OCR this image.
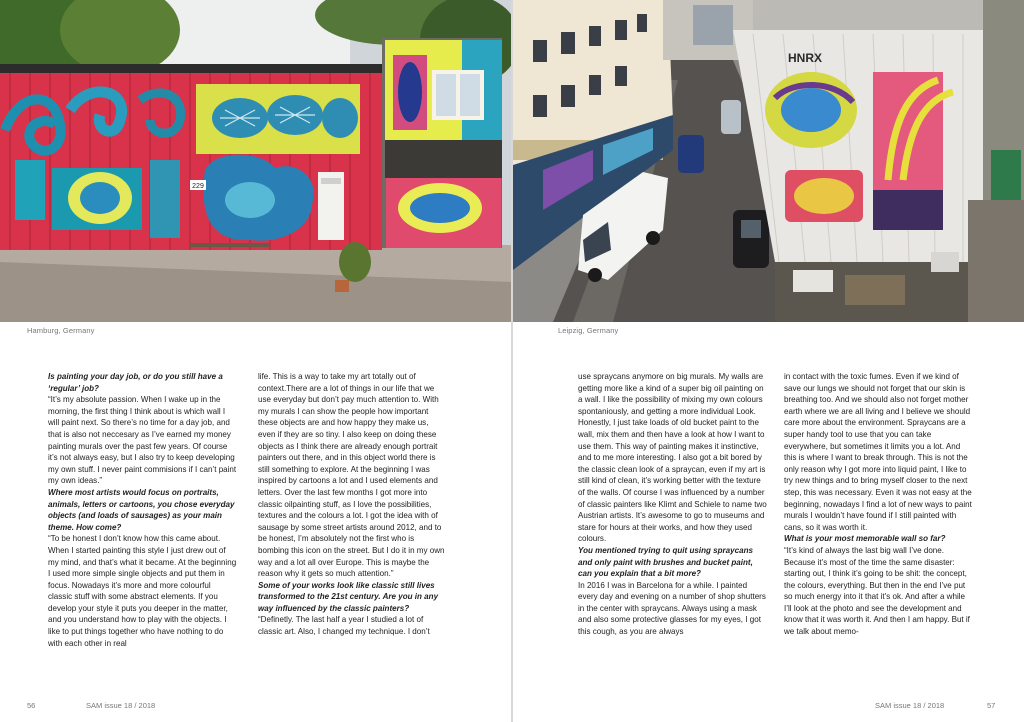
229
Hamburg, Germany

Is painting your day job, or do you still have a ‘regular’ job?

“It’s my absolute passion. When I wake up in the morning, the first thing I think about is which wall I will paint next. So there’s no time for a day job, and that is also not neccesary as I’ve earned my money painting murals over the past few years. Of course it’s not always easy, but I also try to keep developing my own stuff. I never paint commisions if I can’t paint my own ideas.”

Where most artists would focus on portraits, animals, letters or cartoons, you chose everyday objects (and loads of sausages) as your main theme. How come?

“To be honest I don’t know how this came about. When I started painting this style I just drew out of my mind, and that’s what it became. At the beginning I used more simple single objects and put them in focus. Nowadays it’s more and more colourful classic stuff with some abstract elements. If you develop your style it puts you deeper in the matter, and you understand how to play with the objects. I like to put things together who have nothing to do with each other in real

life. This is a way to take my art totally out of context.There are a lot of things in our life that we use everyday but don’t pay much attention to. With my murals I can show the people how important these objects are and how happy they make us, even if they are so tiny. I also keep on doing these objects as I think there are already enough portrait painters out there, and in this object world there is still something to explore. At the beginning I was inspired by cartoons a lot and I used elements and letters. Over the last few months I got more into classic oilpainting stuff, as I love the possibilities, textures and the colours a lot. I got the idea with of sausage by some street artists around 2012, and to be honest, I’m absolutely not the first who is bombing this icon on the street. But I do it in my own way and a lot all over Europe. This is maybe the reason why it gets so much attention.”

Some of your works look like classic still lives transformed to the 21st century. Are you in any way influenced by the classic painters?

“Definetly. The last half a year I studied a lot of classic art. Also, I changed my technique. I don’t

56	SAM issue 18 / 2018
HNRX
Leipzig, Germany

use spraycans anymore on big murals. My walls are getting more like a kind of a super big oil painting on a wall. I like the possibility of mixing my own colours spontaniously, and getting a more individual Look. Honestly, I just take loads of old bucket paint to the wall, mix them and then have a look at how I want to use them. This way of painting makes it instinctive, and to me more interesting. I also got a bit bored by the classic clean look of a spraycan, even if my art is still kind of clean, it’s working better with the texture of the walls. Of course I was influenced by a number of classic painters like Klimt and Schiele to name two Austrian artists. It’s awesome to go to museums and stare for hours at their works, and how they used colours.

You mentioned trying to quit using spraycans and only paint with brushes and bucket paint, can you explain that a bit more?

In 2016 I was in Barcelona for a while. I painted every day and evening on a number of shop shutters in the center with spraycans. Always using a mask and also some protective glasses for my eyes, I got this cough, as you are always

in contact with the toxic fumes. Even if we kind of save our lungs we should not forget that our skin is breathing too. And we should also not forget mother earth where we are all living and I believe we should care more about the environment. Spraycans are a super handy tool to use that you can take everywhere, but sometimes it limits you a lot. And this is where I want to break through. This is not the only reason why I got more into liquid paint, I like to try new things and to bring myself closer to the next step, this was necessary. Even it was not easy at the beginning, nowadays I find a lot of new ways to paint murals I wouldn’t have found if I still painted with cans, so it was worth it.

What is your most memorable wall so far?

“It’s kind of always the last big wall I’ve done. Because it’s most of the time the same disaster: starting out, I think it’s going to be shit: the concept, the colours, everything. But then in the end I’ve put so much energy into it that it’s ok. And after a while I’ll look at the photo and see the development and know that it was worth it. And then I am happy. But if we talk about memo-

SAM issue 18 / 2018	57
